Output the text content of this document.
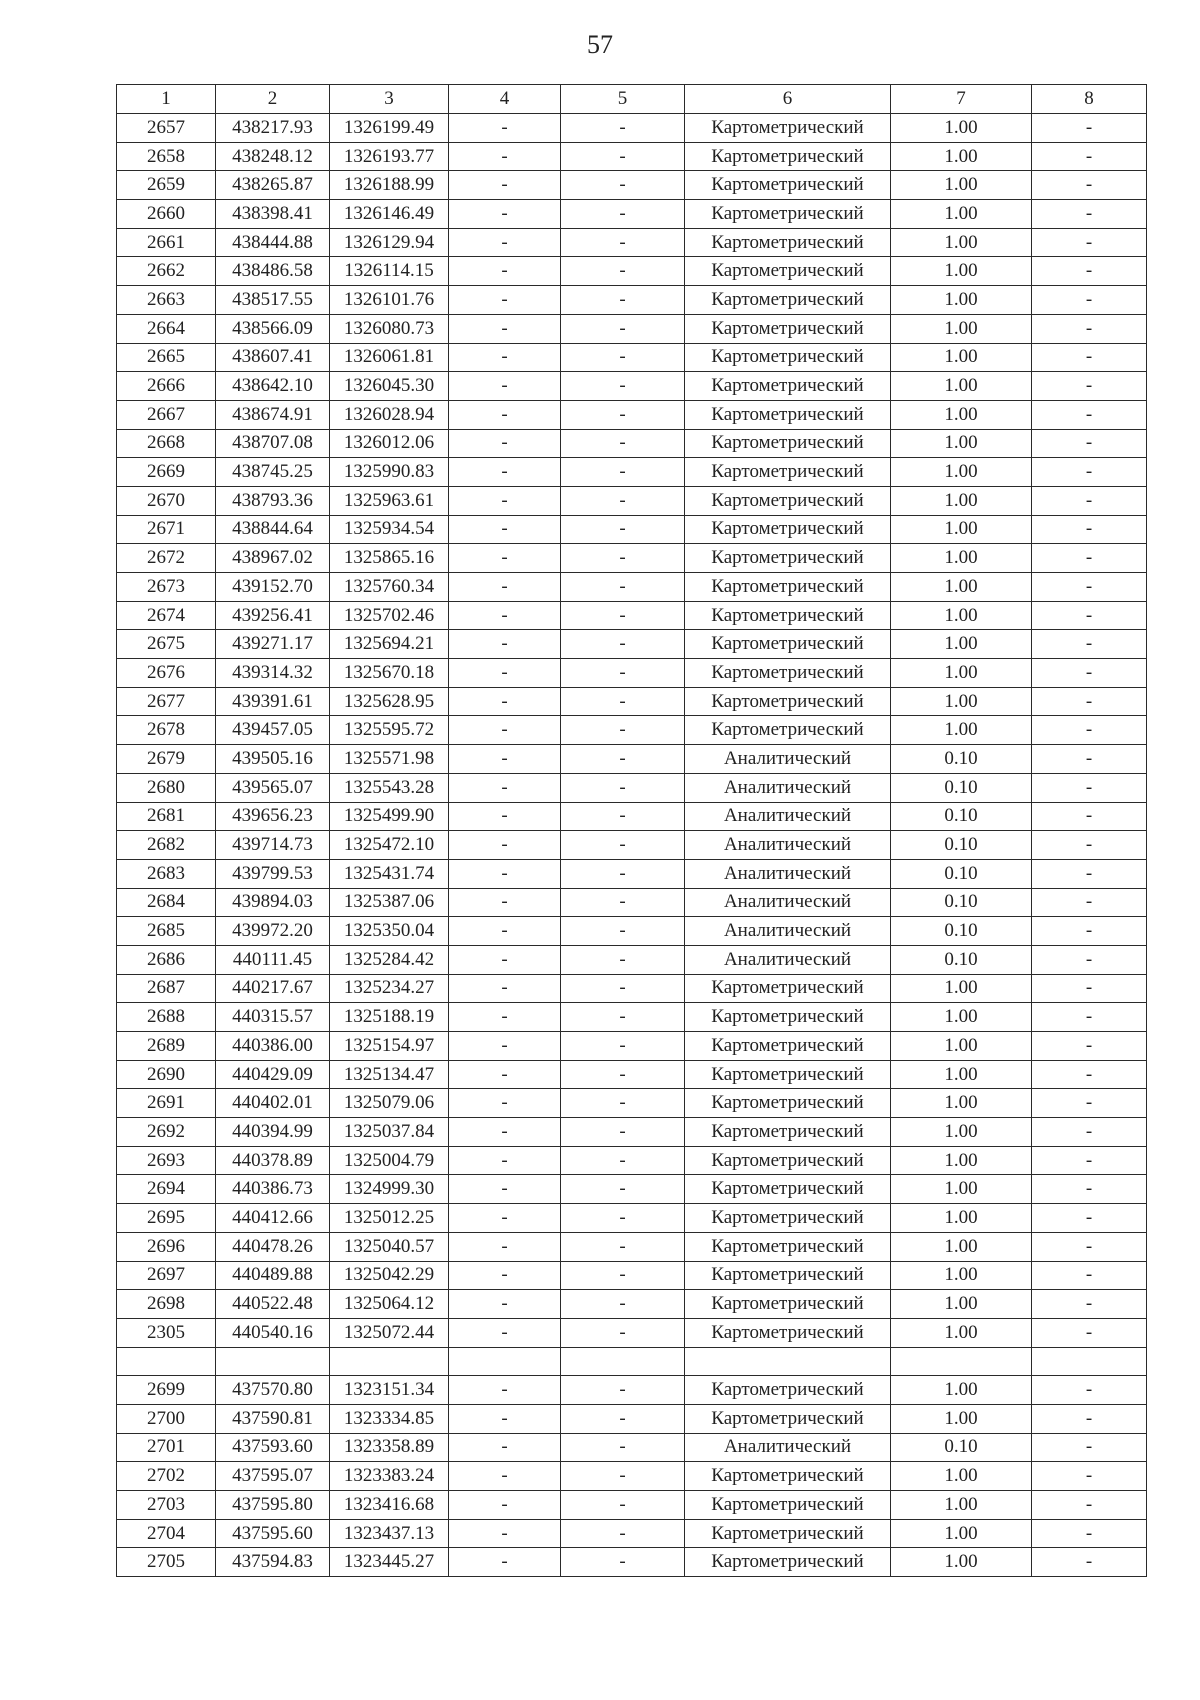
57
1	2	3	4	5	6	7	8
2657	438217.93	1326199.49	-	-	Картометрический	1.00	-
2658	438248.12	1326193.77	-	-	Картометрический	1.00	-
2659	438265.87	1326188.99	-	-	Картометрический	1.00	-
2660	438398.41	1326146.49	-	-	Картометрический	1.00	-
2661	438444.88	1326129.94	-	-	Картометрический	1.00	-
2662	438486.58	1326114.15	-	-	Картометрический	1.00	-
2663	438517.55	1326101.76	-	-	Картометрический	1.00	-
2664	438566.09	1326080.73	-	-	Картометрический	1.00	-
2665	438607.41	1326061.81	-	-	Картометрический	1.00	-
2666	438642.10	1326045.30	-	-	Картометрический	1.00	-
2667	438674.91	1326028.94	-	-	Картометрический	1.00	-
2668	438707.08	1326012.06	-	-	Картометрический	1.00	-
2669	438745.25	1325990.83	-	-	Картометрический	1.00	-
2670	438793.36	1325963.61	-	-	Картометрический	1.00	-
2671	438844.64	1325934.54	-	-	Картометрический	1.00	-
2672	438967.02	1325865.16	-	-	Картометрический	1.00	-
2673	439152.70	1325760.34	-	-	Картометрический	1.00	-
2674	439256.41	1325702.46	-	-	Картометрический	1.00	-
2675	439271.17	1325694.21	-	-	Картометрический	1.00	-
2676	439314.32	1325670.18	-	-	Картометрический	1.00	-
2677	439391.61	1325628.95	-	-	Картометрический	1.00	-
2678	439457.05	1325595.72	-	-	Картометрический	1.00	-
2679	439505.16	1325571.98	-	-	Аналитический	0.10	-
2680	439565.07	1325543.28	-	-	Аналитический	0.10	-
2681	439656.23	1325499.90	-	-	Аналитический	0.10	-
2682	439714.73	1325472.10	-	-	Аналитический	0.10	-
2683	439799.53	1325431.74	-	-	Аналитический	0.10	-
2684	439894.03	1325387.06	-	-	Аналитический	0.10	-
2685	439972.20	1325350.04	-	-	Аналитический	0.10	-
2686	440111.45	1325284.42	-	-	Аналитический	0.10	-
2687	440217.67	1325234.27	-	-	Картометрический	1.00	-
2688	440315.57	1325188.19	-	-	Картометрический	1.00	-
2689	440386.00	1325154.97	-	-	Картометрический	1.00	-
2690	440429.09	1325134.47	-	-	Картометрический	1.00	-
2691	440402.01	1325079.06	-	-	Картометрический	1.00	-
2692	440394.99	1325037.84	-	-	Картометрический	1.00	-
2693	440378.89	1325004.79	-	-	Картометрический	1.00	-
2694	440386.73	1324999.30	-	-	Картометрический	1.00	-
2695	440412.66	1325012.25	-	-	Картометрический	1.00	-
2696	440478.26	1325040.57	-	-	Картометрический	1.00	-
2697	440489.88	1325042.29	-	-	Картометрический	1.00	-
2698	440522.48	1325064.12	-	-	Картометрический	1.00	-
2305	440540.16	1325072.44	-	-	Картометрический	1.00	-

2699	437570.80	1323151.34	-	-	Картометрический	1.00	-
2700	437590.81	1323334.85	-	-	Картометрический	1.00	-
2701	437593.60	1323358.89	-	-	Аналитический	0.10	-
2702	437595.07	1323383.24	-	-	Картометрический	1.00	-
2703	437595.80	1323416.68	-	-	Картометрический	1.00	-
2704	437595.60	1323437.13	-	-	Картометрический	1.00	-
2705	437594.83	1323445.27	-	-	Картометрический	1.00	-
